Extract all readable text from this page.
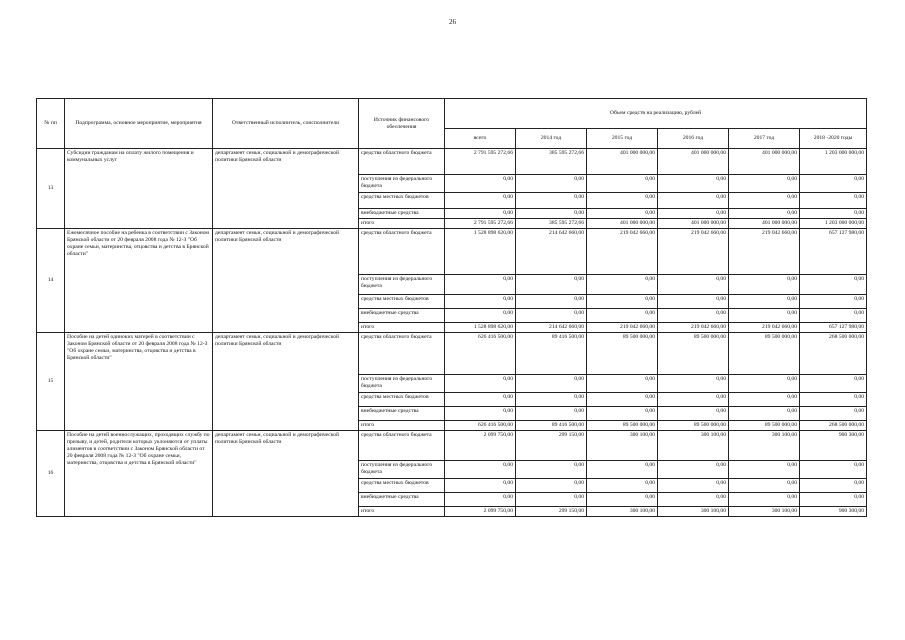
26
№ пп	Подпрограмма, основное мероприятие, мероприятия	Ответственный исполнитель, соисполнители	Источник финансового обеспечения	Объем средств на реализацию, рублей					
				всего	2014 год	2015 год	2016 год	2017 год	2018 -2020 годы
13	Субсидии гражданам на оплату жилого помещения и коммунальных услуг	департамент семьи, социальной и демографической политики Брянской области	средства областного бюджета	2 791 595 272,66	385 595 272,66	401 000 000,00	401 000 000,00	401 000 000,00	1 203 000 000,00
			поступления из федерального бюджета	0,00	0,00	0,00	0,00	0,00	0,00
			средства местных бюджетов	0,00	0,00	0,00	0,00	0,00	0,00
			внебюджетные средства	0,00	0,00	0,00	0,00	0,00	0,00
			итого	2 791 595 272,66	385 595 272,66	401 000 000,00	401 000 000,00	401 000 000,00	1 203 000 000,00
14	Ежемесячное пособие на ребенка в соответствии с Законом Брянской области от 20 февраля 2008 года № 12-З "Об охране семьи, материнства, отцовства и детства в Брянской области"	департамент семьи, социальной и демографической политики Брянской области	средства областного бюджета	1 528 898 620,00	214 642 660,00	219 042 660,00	219 042 660,00	219 042 660,00	657 127 980,00
			поступления из федерального бюджета	0,00	0,00	0,00	0,00	0,00	0,00
			средства местных бюджетов	0,00	0,00	0,00	0,00	0,00	0,00
			внебюджетные средства	0,00	0,00	0,00	0,00	0,00	0,00
			итого	1 528 898 620,00	214 642 660,00	219 042 660,00	219 042 660,00	219 042 660,00	657 127 980,00
15	Пособие на детей одиноких матерей в соответствии с Законом Брянской области от 20 февраля 2008 года № 12-З "Об охране семьи, материнства, отцовства и детства в Брянской области"	департамент семьи, социальной и демографической политики Брянской области	средства областного бюджета	626 416 500,00	89 416 500,00	89 500 000,00	89 500 000,00	89 500 000,00	268 500 000,00
			поступления из федерального бюджета	0,00	0,00	0,00	0,00	0,00	0,00
			средства местных бюджетов	0,00	0,00	0,00	0,00	0,00	0,00
			внебюджетные средства	0,00	0,00	0,00	0,00	0,00	0,00
			итого	626 416 500,00	89 416 500,00	89 500 000,00	89 500 000,00	89 500 000,00	268 500 000,00
16	Пособие на детей военнослужащих, проходящих службу по призыву, и детей, родители которых уклоняются от уплаты алиментов в соответствии с Законом Брянской области от 20 февраля 2008 года № 12-З "Об охране семьи, материнства, отцовства и детства в Брянской области"	департамент семьи, социальной и демографической политики Брянской области	средства областного бюджета	2 099 750,00	299 150,00	300 100,00	300 100,00	300 100,00	900 300,00
			поступления из федерального бюджета	0,00	0,00	0,00	0,00	0,00	0,00
			средства местных бюджетов	0,00	0,00	0,00	0,00	0,00	0,00
			внебюджетные средства	0,00	0,00	0,00	0,00	0,00	0,00
			итого	2 099 750,00	299 150,00	300 100,00	300 100,00	300 100,00	900 300,00
